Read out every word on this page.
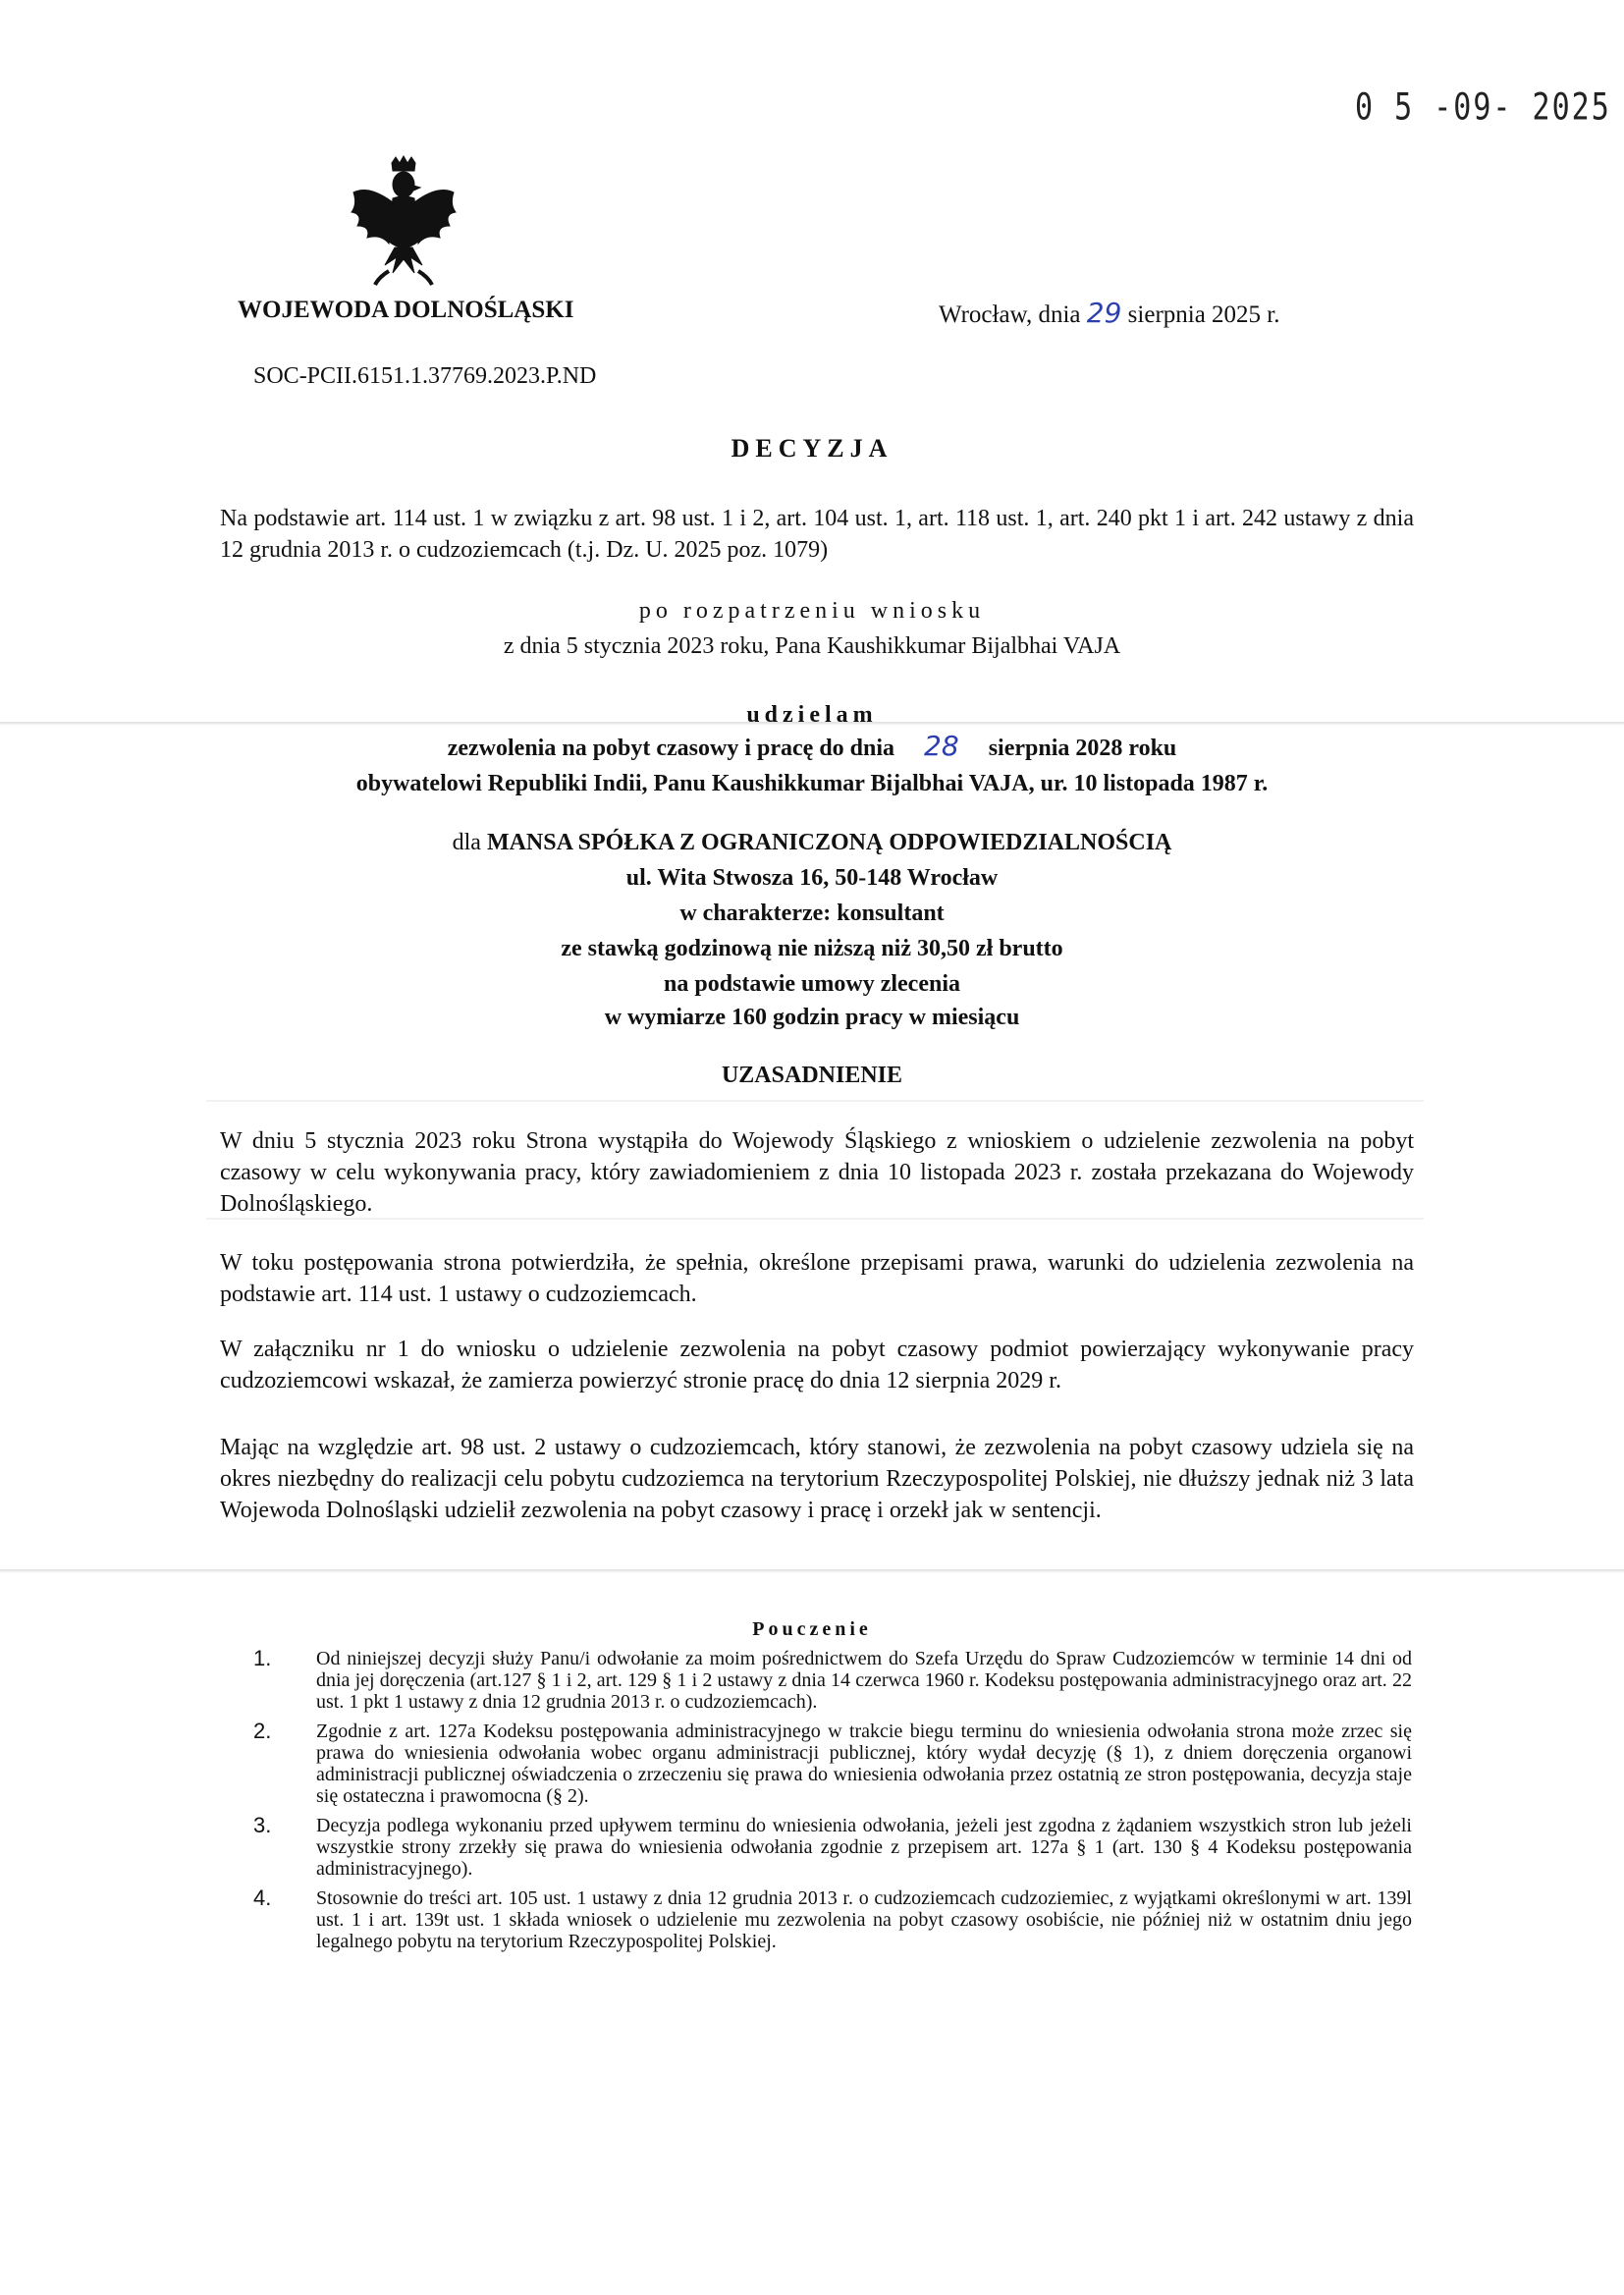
0 5 -09- 2025
WOJEWODA DOLNOŚLĄSKI	Wrocław, dnia 29 sierpnia 2025 r.
SOC-PCII.6151.1.37769.2023.P.ND
DECYZJA
Na podstawie art. 114 ust. 1 w związku z art. 98 ust. 1 i 2, art. 104 ust. 1, art. 118 ust. 1, art. 240 pkt 1 i art. 242 ustawy z dnia 12 grudnia 2013 r. o cudzoziemcach (t.j. Dz. U. 2025 poz. 1079)
po rozpatrzeniu wniosku
z dnia 5 stycznia 2023 roku, Pana Kaushikkumar Bijalbhai VAJA
udzielam
zezwolenia na pobyt czasowy i pracę do dnia 28 sierpnia 2028 roku
obywatelowi Republiki Indii, Panu Kaushikkumar Bijalbhai VAJA, ur. 10 listopada 1987 r.
dla MANSA SPÓŁKA Z OGRANICZONĄ ODPOWIEDZIALNOŚCIĄ
ul. Wita Stwosza 16, 50-148 Wrocław
w charakterze: konsultant
ze stawką godzinową nie niższą niż 30,50 zł brutto
na podstawie umowy zlecenia
w wymiarze 160 godzin pracy w miesiącu
UZASADNIENIE
W dniu 5 stycznia 2023 roku Strona wystąpiła do Wojewody Śląskiego z wnioskiem o udzielenie zezwolenia na pobyt czasowy w celu wykonywania pracy, który zawiadomieniem z dnia 10 listopada 2023 r. została przekazana do Wojewody Dolnośląskiego.
W toku postępowania strona potwierdziła, że spełnia, określone przepisami prawa, warunki do udzielenia zezwolenia na podstawie art. 114 ust. 1 ustawy o cudzoziemcach.
W załączniku nr 1 do wniosku o udzielenie zezwolenia na pobyt czasowy podmiot powierzający wykonywanie pracy cudzoziemcowi wskazał, że zamierza powierzyć stronie pracę do dnia 12 sierpnia 2029 r.
Mając na względzie art. 98 ust. 2 ustawy o cudzoziemcach, który stanowi, że zezwolenia na pobyt czasowy udziela się na okres niezbędny do realizacji celu pobytu cudzoziemca na terytorium Rzeczypospolitej Polskiej, nie dłuższy jednak niż 3 lata Wojewoda Dolnośląski udzielił zezwolenia na pobyt czasowy i pracę i orzekł jak w sentencji.
Pouczenie
1.	Od niniejszej decyzji służy Panu/i odwołanie za moim pośrednictwem do Szefa Urzędu do Spraw Cudzoziemców w terminie 14 dni od dnia jej doręczenia (art.127 § 1 i 2, art. 129 § 1 i 2 ustawy z dnia 14 czerwca 1960 r. Kodeksu postępowania administracyjnego oraz art. 22 ust. 1 pkt 1 ustawy z dnia 12 grudnia 2013 r. o cudzoziemcach).
2.	Zgodnie z art. 127a Kodeksu postępowania administracyjnego w trakcie biegu terminu do wniesienia odwołania strona może zrzec się prawa do wniesienia odwołania wobec organu administracji publicznej, który wydał decyzję (§ 1), z dniem doręczenia organowi administracji publicznej oświadczenia o zrzeczeniu się prawa do wniesienia odwołania przez ostatnią ze stron postępowania, decyzja staje się ostateczna i prawomocna (§ 2).
3.	Decyzja podlega wykonaniu przed upływem terminu do wniesienia odwołania, jeżeli jest zgodna z żądaniem wszystkich stron lub jeżeli wszystkie strony zrzekły się prawa do wniesienia odwołania zgodnie z przepisem art. 127a § 1 (art. 130 § 4 Kodeksu postępowania administracyjnego).
4.	Stosownie do treści art. 105 ust. 1 ustawy z dnia 12 grudnia 2013 r. o cudzoziemcach cudzoziemiec, z wyjątkami określonymi w art. 139l ust. 1 i art. 139t ust. 1 składa wniosek o udzielenie mu zezwolenia na pobyt czasowy osobiście, nie później niż w ostatnim dniu jego legalnego pobytu na terytorium Rzeczypospolitej Polskiej.
